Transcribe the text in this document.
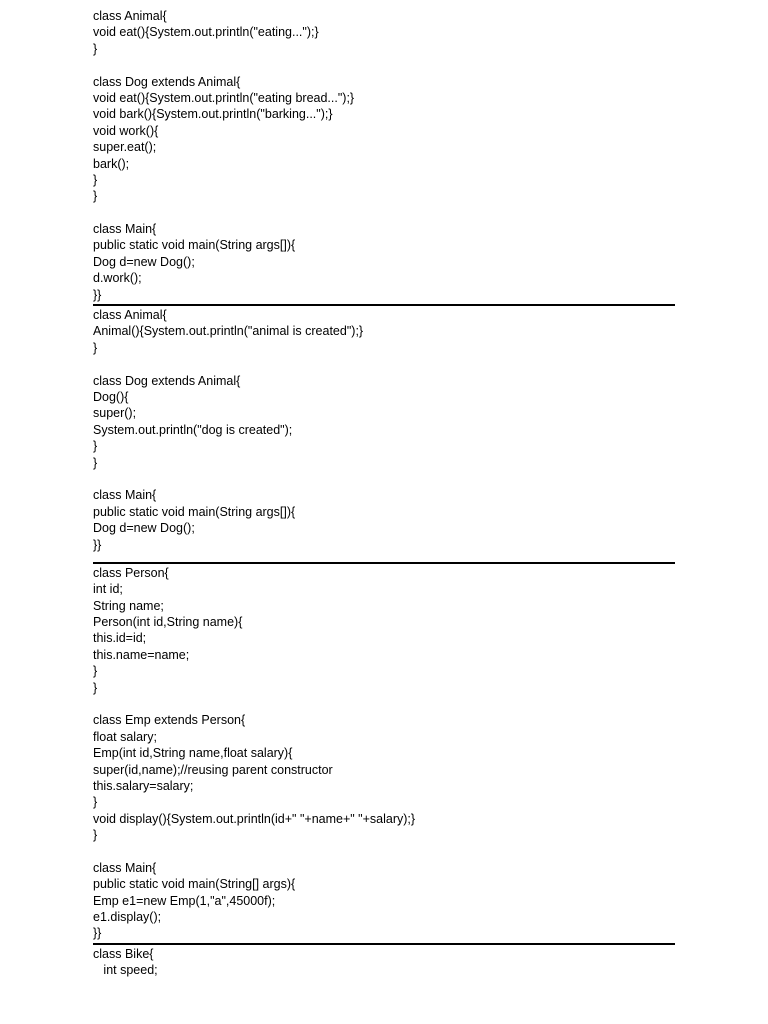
class Animal{
void eat(){System.out.println("eating...");}
}
class Dog extends Animal{
void eat(){System.out.println("eating bread...");}
void bark(){System.out.println("barking...");}
void work(){
super.eat();
bark();
}
}
class Main{
public static void main(String args[]){
Dog d=new Dog();
d.work();
}}
class Animal{
Animal(){System.out.println("animal is created");}
}
class Dog extends Animal{
Dog(){
super();
System.out.println("dog is created");
}
}
class Main{
public static void main(String args[]){
Dog d=new Dog();
}}
class Person{
int id;
String name;
Person(int id,String name){
this.id=id;
this.name=name;
}
}
class Emp extends Person{
float salary;
Emp(int id,String name,float salary){
super(id,name);//reusing parent constructor
this.salary=salary;
}
void display(){System.out.println(id+" "+name+" "+salary);}
}
class Main{
public static void main(String[] args){
Emp e1=new Emp(1,"a",45000f);
e1.display();
}}
class Bike{
int speed;
